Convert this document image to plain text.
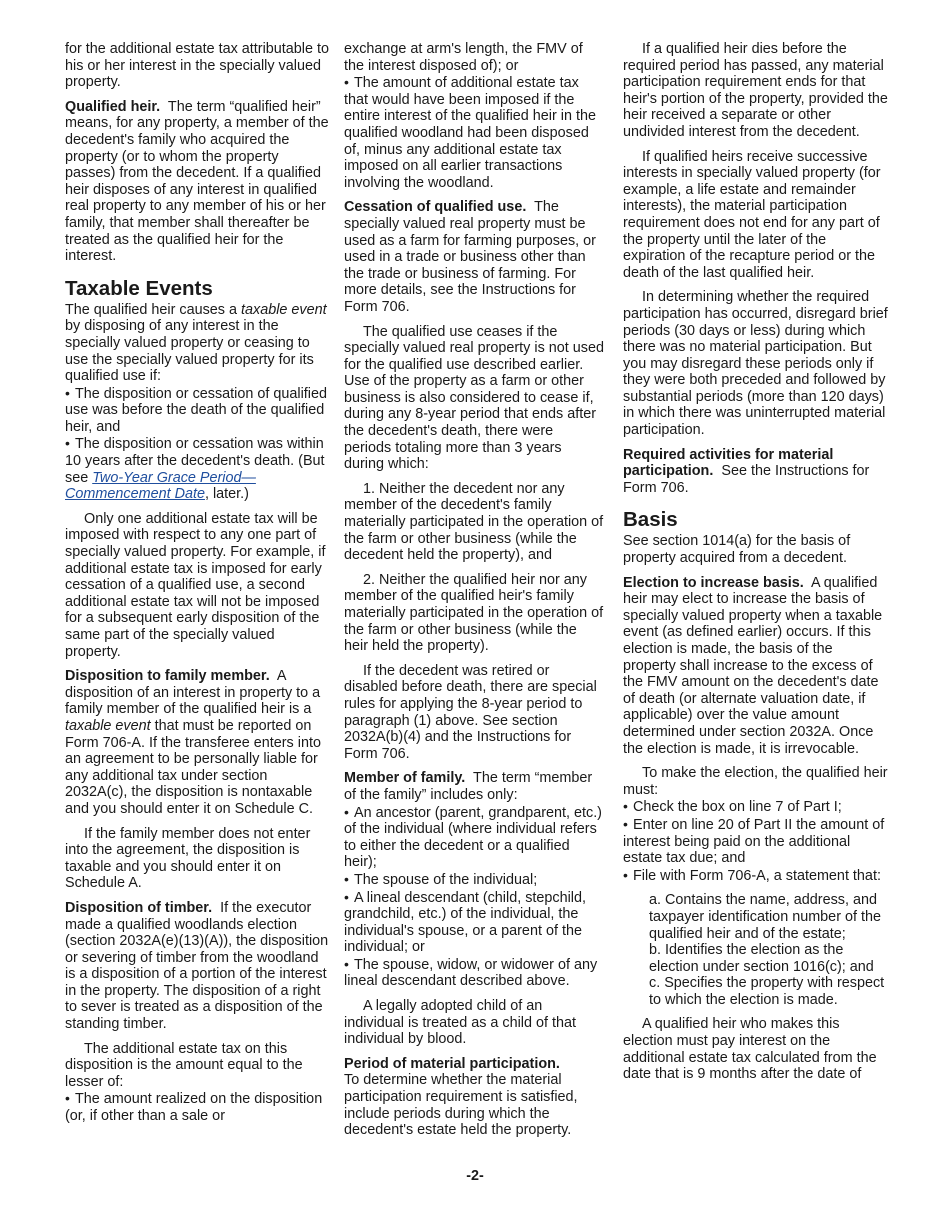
for the additional estate tax attributable to his or her interest in the specially valued property.

Qualified heir. The term “qualified heir” means, for any property, a member of the decedent's family who acquired the property (or to whom the property passes) from the decedent. If a qualified heir disposes of any interest in qualified real property to any member of his or her family, that member shall thereafter be treated as the qualified heir for the interest.

Taxable Events

The qualified heir causes a taxable event by disposing of any interest in the specially valued property or ceasing to use the specially valued property for its qualified use if:

• The disposition or cessation of qualified use was before the death of the qualified heir, and

• The disposition or cessation was within 10 years after the decedent's death. (But see Two-Year Grace Period—Commencement Date, later.)

Only one additional estate tax will be imposed with respect to any one part of specially valued property. For example, if additional estate tax is imposed for early cessation of a qualified use, a second additional estate tax will not be imposed for a subsequent early disposition of the same part of the specially valued property.

Disposition to family member. A disposition of an interest in property to a family member of the qualified heir is a taxable event that must be reported on Form 706-A. If the transferee enters into an agreement to be personally liable for any additional tax under section 2032A(c), the disposition is nontaxable and you should enter it on Schedule C.

If the family member does not enter into the agreement, the disposition is taxable and you should enter it on Schedule A.

Disposition of timber. If the executor made a qualified woodlands election (section 2032A(e)(13)(A)), the disposition or severing of timber from the woodland is a disposition of a portion of the interest in the property. The disposition of a right to sever is treated as a disposition of the standing timber.

The additional estate tax on this disposition is the amount equal to the lesser of:

• The amount realized on the disposition (or, if other than a sale or

exchange at arm's length, the FMV of the interest disposed of); or

• The amount of additional estate tax that would have been imposed if the entire interest of the qualified heir in the qualified woodland had been disposed of, minus any additional estate tax imposed on all earlier transactions involving the woodland.

Cessation of qualified use. The specially valued real property must be used as a farm for farming purposes, or used in a trade or business other than the trade or business of farming. For more details, see the Instructions for Form 706.

The qualified use ceases if the specially valued real property is not used for the qualified use described earlier. Use of the property as a farm or other business is also considered to cease if, during any 8-year period that ends after the decedent's death, there were periods totaling more than 3 years during which:

1. Neither the decedent nor any member of the decedent's family materially participated in the operation of the farm or other business (while the decedent held the property), and

2. Neither the qualified heir nor any member of the qualified heir's family materially participated in the operation of the farm or other business (while the heir held the property).

If the decedent was retired or disabled before death, there are special rules for applying the 8-year period to paragraph (1) above. See section 2032A(b)(4) and the Instructions for Form 706.

Member of family. The term “member of the family” includes only:

• An ancestor (parent, grandparent, etc.) of the individual (where individual refers to either the decedent or a qualified heir);

• The spouse of the individual;

• A lineal descendant (child, stepchild, grandchild, etc.) of the individual, the individual's spouse, or a parent of the individual; or

• The spouse, widow, or widower of any lineal descendant described above.

A legally adopted child of an individual is treated as a child of that individual by blood.

Period of material participation.
To determine whether the material participation requirement is satisfied, include periods during which the decedent's estate held the property.

If a qualified heir dies before the required period has passed, any material participation requirement ends for that heir's portion of the property, provided the heir received a separate or other undivided interest from the decedent.

If qualified heirs receive successive interests in specially valued property (for example, a life estate and remainder interests), the material participation requirement does not end for any part of the property until the later of the expiration of the recapture period or the death of the last qualified heir.

In determining whether the required participation has occurred, disregard brief periods (30 days or less) during which there was no material participation. But you may disregard these periods only if they were both preceded and followed by substantial periods (more than 120 days) in which there was uninterrupted material participation.

Required activities for material participation. See the Instructions for Form 706.

Basis

See section 1014(a) for the basis of property acquired from a decedent.

Election to increase basis. A qualified heir may elect to increase the basis of specially valued property when a taxable event (as defined earlier) occurs. If this election is made, the basis of the property shall increase to the excess of the FMV amount on the decedent's date of death (or alternate valuation date, if applicable) over the value amount determined under section 2032A. Once the election is made, it is irrevocable.

To make the election, the qualified heir must:

• Check the box on line 7 of Part I;

• Enter on line 20 of Part II the amount of interest being paid on the additional estate tax due; and

• File with Form 706-A, a statement that:

a. Contains the name, address, and taxpayer identification number of the qualified heir and of the estate;

b. Identifies the election as the election under section 1016(c); and

c. Specifies the property with respect to which the election is made.

A qualified heir who makes this election must pay interest on the additional estate tax calculated from the date that is 9 months after the date of

-2-
